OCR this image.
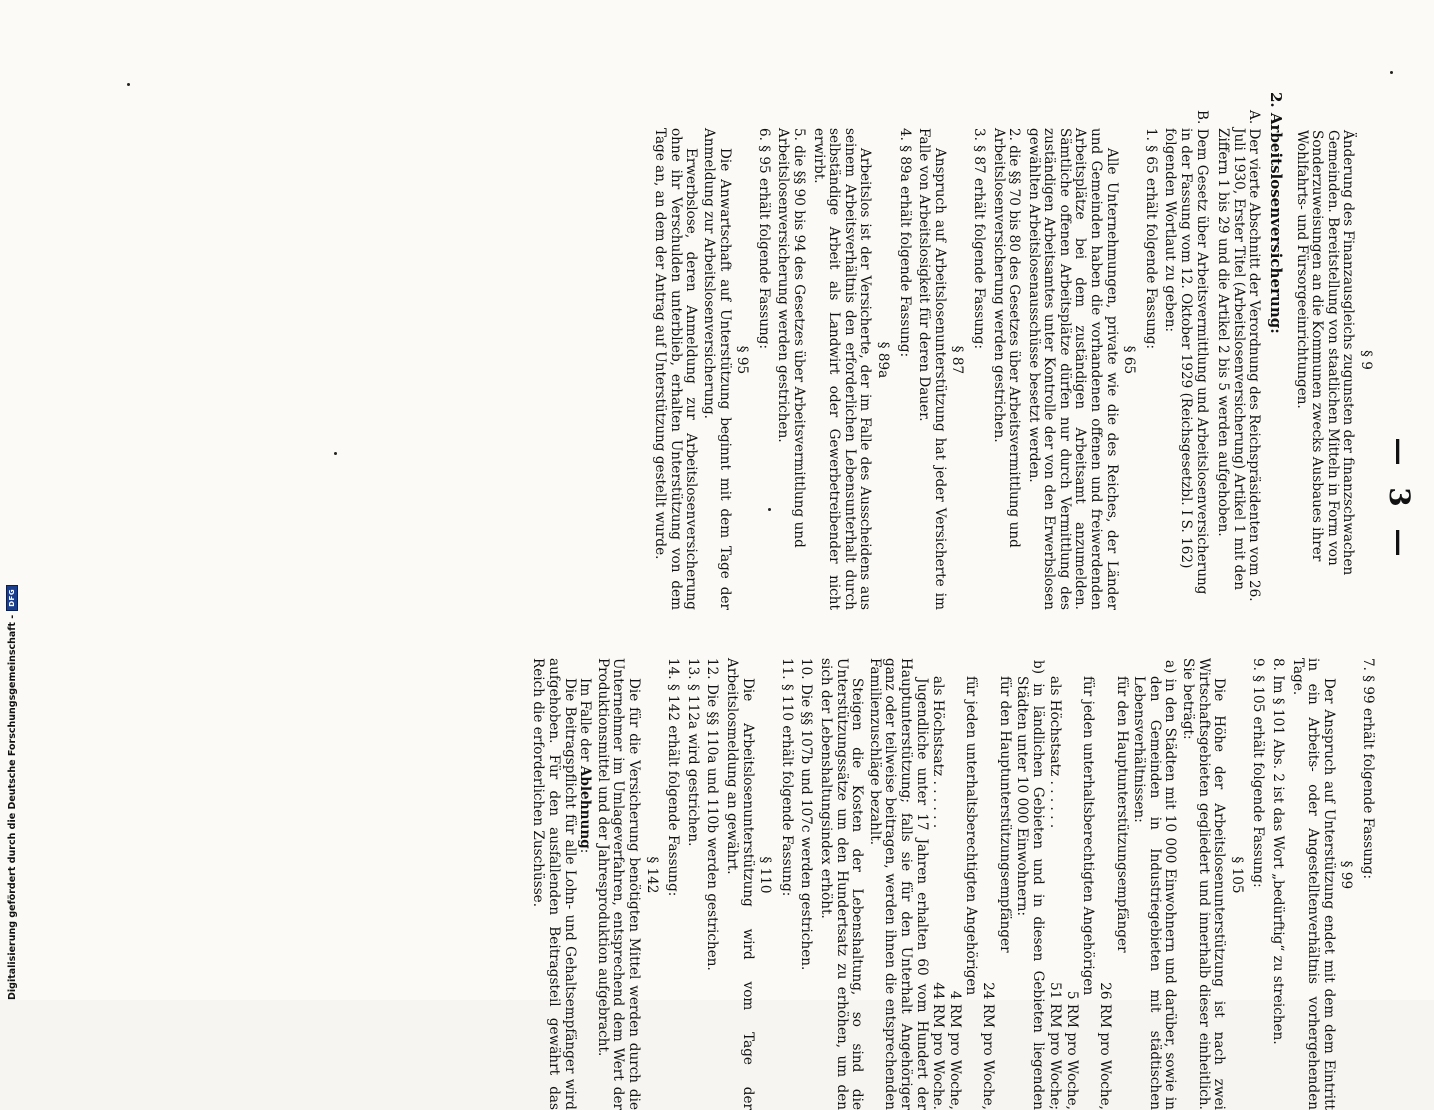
— 3 —
§ 9
Änderung des Finanzausgleichs zugunsten der finanzschwachen Gemeinden. Bereitstellung von staatlichen Mitteln in Form von Sonderzuweisungen an die Kommunen zwecks Ausbaues ihrer Wohlfahrts- und Fürsorgeeinrichtungen.
2. Arbeitslosenversicherung:
A. Der vierte Abschnitt der Verordnung des Reichspräsidenten vom 26. Juli 1930, Erster Titel (Arbeitslosenversicherung) Artikel 1 mit den Ziffern 1 bis 29 und die Artikel 2 bis 5 werden aufgehoben.
B. Dem Gesetz über Arbeitsvermittlung und Arbeitslosenversicherung in der Fassung vom 12. Oktober 1929 (Reichsgesetzbl. I S. 162) folgenden Wortlaut zu geben:
1. § 65 erhält folgende Fassung:
§ 65
Alle Unternehmungen, private wie die des Reiches, der Länder und Gemeinden haben die vorhandenen offenen und freiwerdenden Arbeitsplätze bei dem zuständigen Arbeitsamt anzumelden. Sämtliche offenen Arbeitsplätze dürfen nur durch Vermittlung des zuständigen Arbeitsamtes unter Kontrolle der von den Erwerbslosen gewählten Arbeitslosenausschüsse besetzt werden.
2. die §§ 70 bis 80 des Gesetzes über Arbeitsvermittlung und Arbeitslosenversicherung werden gestrichen.
3. § 87 erhält folgende Fassung:
§ 87
Anspruch auf Arbeitslosenunterstützung hat jeder Versicherte im Falle von Arbeitslosigkeit für deren Dauer.
4. § 89a erhält folgende Fassung:
§ 89a
Arbeitslos ist der Versicherte, der im Falle des Ausscheidens aus seinem Arbeitsverhältnis den erforderlichen Lebensunterhalt durch selbständige Arbeit als Landwirt oder Gewerbetreibender nicht erwirbt.
5. die §§ 90 bis 94 des Gesetzes über Arbeitsvermittlung und Arbeitslosenversicherung werden gestrichen.
6. § 95 erhält folgende Fassung:
§ 95
Die Anwartschaft auf Unterstützung beginnt mit dem Tage der Anmeldung zur Arbeitslosenversicherung.
Erwerbslose, deren Anmeldung zur Arbeitslosenversicherung ohne ihr Verschulden unterblieb, erhalten Unterstützung von dem Tage an, an dem der Antrag auf Unterstützung gestellt wurde.
7. § 99 erhält folgende Fassung:
§ 99
Der Anspruch auf Unterstützung endet mit dem dem Eintritt in ein Arbeits- oder Angestelltenverhältnis vorhergehenden Tage.
8. Im § 101 Abs. 2 ist das Wort „bedürftig“ zu streichen.
9. § 105 erhält folgende Fassung:
§ 105
Die Höhe der Arbeitslosenunterstützung ist nach zwei Wirtschaftsgebieten gegliedert und innerhalb dieser einheitlich. Sie beträgt:
a) in den Städten mit 10 000 Einwohnern und darüber, sowie in den Gemeinden in Industriegebieten mit städtischen Lebensverhältnissen:
für den Hauptunterstützungsempfänger
26 RM pro Woche,
für jeden unterhaltsberechtigten Angehörigen
5 RM pro Woche,
als Höchstsatz . . . . . .
51 RM pro Woche;
b) in ländlichen Gebieten und in diesen Gebieten liegenden Städten unter 10 000 Einwohnern:
für den Hauptunterstützungsempfänger
24 RM pro Woche,
für jeden unterhaltsberechtigten Angehörigen
4 RM pro Woche,
als Höchstsatz . . . . . .
44 RM pro Woche.
Jugendliche unter 17 Jahren erhalten 60 vom Hundert der Hauptunterstützung; falls sie für den Unterhalt Angehöriger ganz oder teilweise beitragen, werden ihnen die entsprechenden Familienzuschläge bezahlt.
Steigen die Kosten der Lebenshaltung, so sind die Unterstützungssätze um den Hundertsatz zu erhöhen, um den sich der Lebenshaltungsindex erhöht.
10. Die §§ 107b und 107c werden gestrichen.
11. § 110 erhält folgende Fassung:
§ 110
Die Arbeitslosenunterstützung wird vom Tage der Arbeitslosmeldung an gewährt.
12. Die §§ 110a und 110b werden gestrichen.
13. § 112a wird gestrichen.
14. § 142 erhält folgende Fassung:
§ 142
Die für die Versicherung benötigten Mittel werden durch die Unternehmer im Umlageverfahren, entsprechend dem Wert der Produktionsmittel und der Jahresproduktion aufgebracht.
Im Falle der Ablehnung:
Die Beitragspflicht für alle Lohn- und Gehaltsempfänger wird aufgehoben. Für den ausfallenden Beitragsteil gewährt das Reich die erforderlichen Zuschüsse.
Digitalisierung gefördert durch die Deutsche Forschungsgemeinschaft -
DFG
